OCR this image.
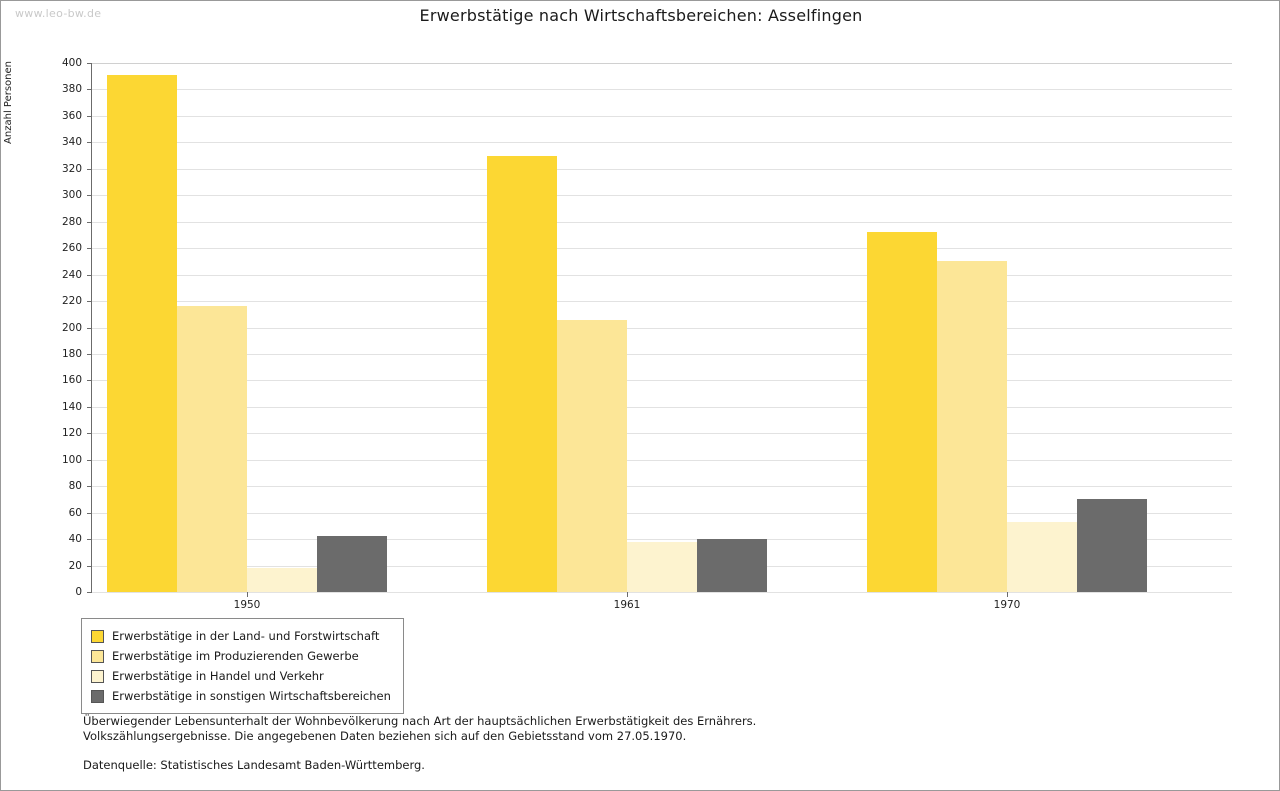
www.leo-bw.de	Erwerbstätige nach Wirtschaftsbereichen: Asselfingen
Anzahl Personen
0
20
40
60
80
100
120
140
160
180
200
220
240
260
280
300
320
340
360
380
400
1950	1961	1970
Erwerbstätige in der Land- und Forstwirtschaft
Erwerbstätige im Produzierenden Gewerbe
Erwerbstätige in Handel und Verkehr
Erwerbstätige in sonstigen Wirtschaftsbereichen
Überwiegender Lebensunterhalt der Wohnbevölkerung nach Art der hauptsächlichen Erwerbstätigkeit des Ernährers.
Volkszählungsergebnisse. Die angegebenen Daten beziehen sich auf den Gebietsstand vom 27.05.1970.
Datenquelle: Statistisches Landesamt Baden-Württemberg.
